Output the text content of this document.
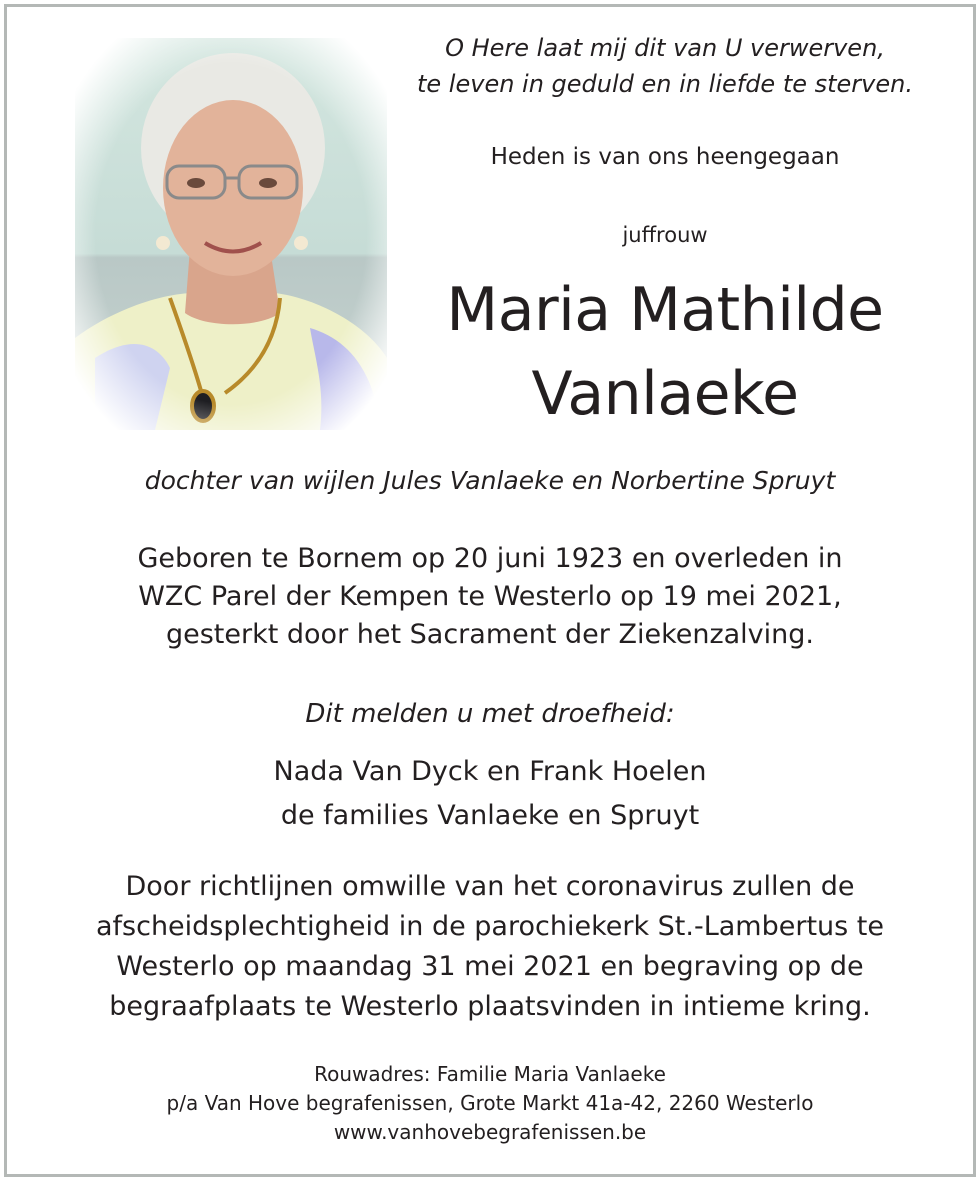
O Here laat mij dit van U verwerven,
te leven in geduld en in liefde te sterven.
Heden is van ons heengegaan
juffrouw
Maria Mathilde
Vanlaeke
dochter van wijlen Jules Vanlaeke en Norbertine Spruyt
Geboren te Bornem op 20 juni 1923 en overleden in
WZC Parel der Kempen te Westerlo op 19 mei 2021,
gesterkt door het Sacrament der Ziekenzalving.
Dit melden u met droefheid:
Nada Van Dyck en Frank Hoelen
de families Vanlaeke en Spruyt
Door richtlijnen omwille van het coronavirus zullen de
afscheidsplechtigheid in de parochiekerk St.-Lambertus te
Westerlo op maandag 31 mei 2021 en begraving op de
begraafplaats te Westerlo plaatsvinden in intieme kring.
Rouwadres: Familie Maria Vanlaeke
p/a Van Hove begrafenissen, Grote Markt 41a-42, 2260 Westerlo
www.vanhovebegrafenissen.be
